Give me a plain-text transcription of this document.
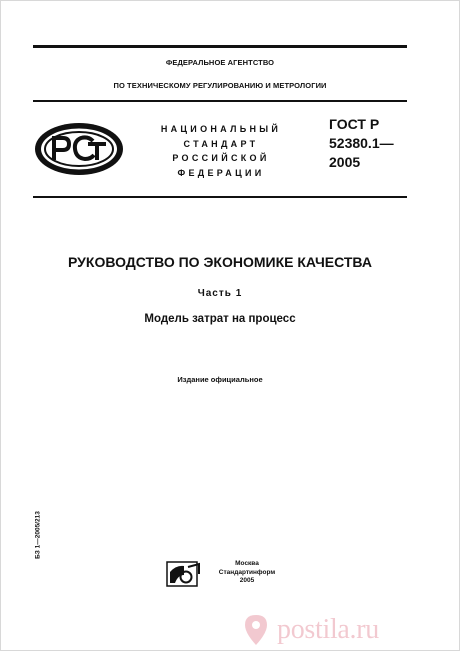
ФЕДЕРАЛЬНОЕ АГЕНТСТВО
ПО ТЕХНИЧЕСКОМУ РЕГУЛИРОВАНИЮ И МЕТРОЛОГИИ
НАЦИОНАЛЬНЫЙ
СТАНДАРТ
РОССИЙСКОЙ
ФЕДЕРАЦИИ
ГОСТ Р
52380.1—
2005
РУКОВОДСТВО ПО ЭКОНОМИКЕ КАЧЕСТВА
Часть 1
Модель затрат на процесс
Издание официальное
БЗ 1—2005/213
Москва
Стандартинформ
2005
postila.ru
